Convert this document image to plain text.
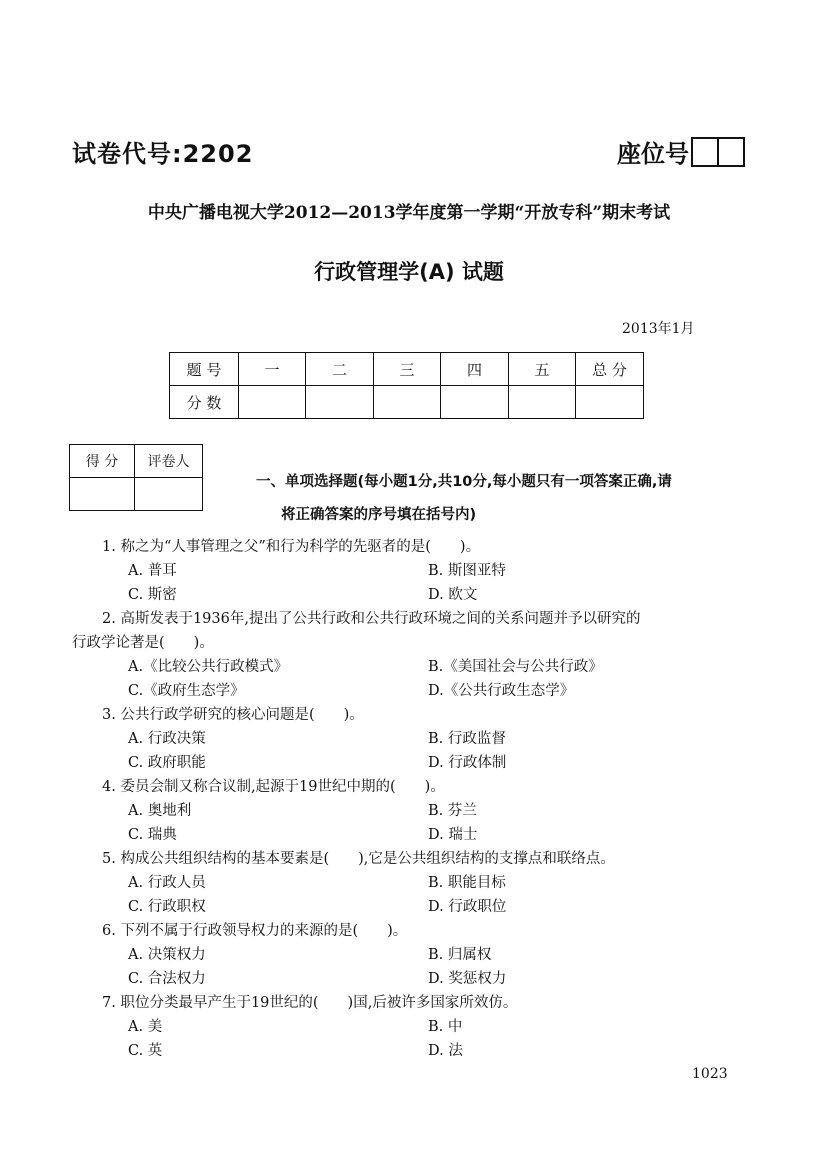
试卷代号:2202	座位号
中央广播电视大学2012—2013学年度第一学期“开放专科”期末考试
行政管理学(A) 试题
2013年1月
题 号	一	二	三	四	五	总 分
分 数						
得 分	评卷人

一、单项选择题(每小题1分,共10分,每小题只有一项答案正确,请
将正确答案的序号填在括号内)
1. 称之为“人事管理之父”和行为科学的先驱者的是(　　)。
A. 普耳	B. 斯图亚特
C. 斯密	D. 欧文
2. 高斯发表于1936年,提出了公共行政和公共行政环境之间的关系问题并予以研究的
行政学论著是(　　)。
A.《比较公共行政模式》	B.《美国社会与公共行政》
C.《政府生态学》	D.《公共行政生态学》
3. 公共行政学研究的核心问题是(　　)。
A. 行政决策	B. 行政监督
C. 政府职能	D. 行政体制
4. 委员会制又称合议制,起源于19世纪中期的(　　)。
A. 奥地利	B. 芬兰
C. 瑞典	D. 瑞士
5. 构成公共组织结构的基本要素是(　　),它是公共组织结构的支撑点和联络点。
A. 行政人员	B. 职能目标
C. 行政职权	D. 行政职位
6. 下列不属于行政领导权力的来源的是(　　)。
A. 决策权力	B. 归属权
C. 合法权力	D. 奖惩权力
7. 职位分类最早产生于19世纪的(　　)国,后被许多国家所效仿。
A. 美	B. 中
C. 英	D. 法
1023
